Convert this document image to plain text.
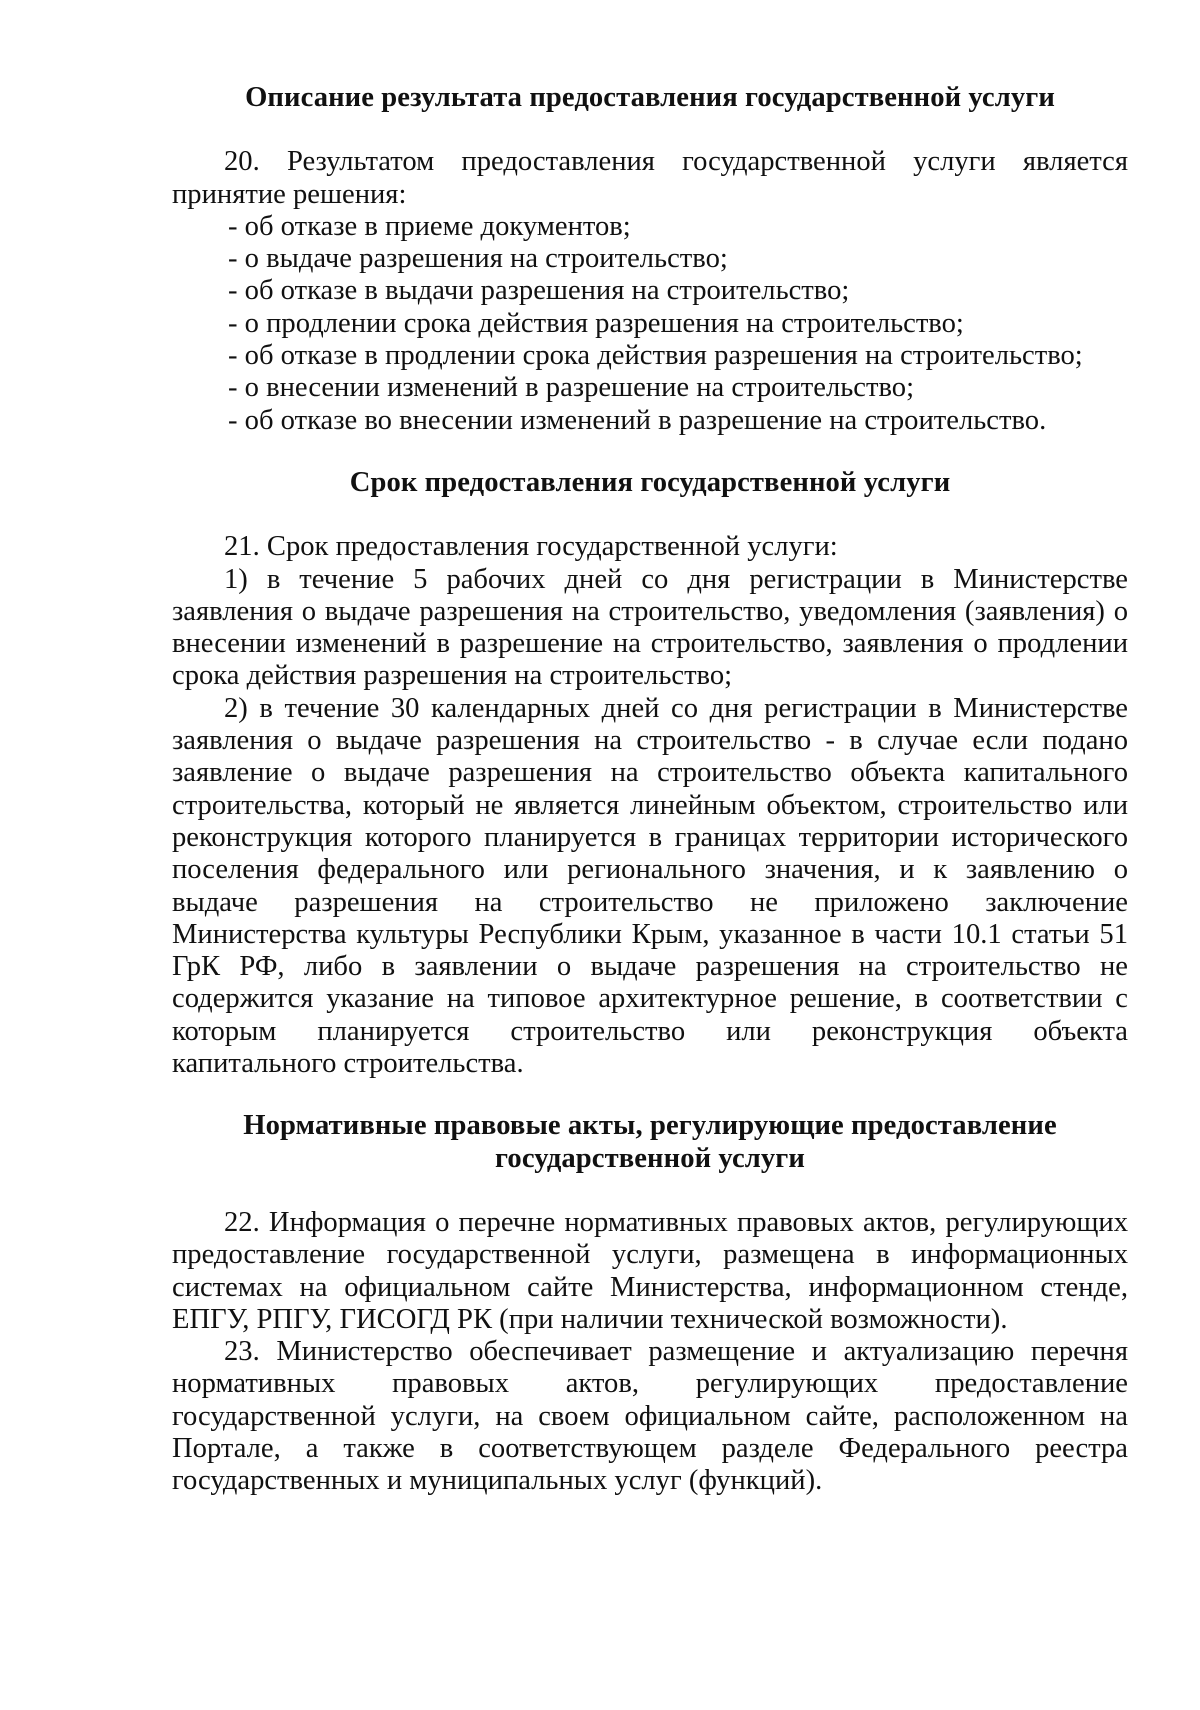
Описание результата предоставления государственной услуги

20. Результатом предоставления государственной услуги является принятие решения:

- об отказе в приеме документов;

- о выдаче разрешения на строительство;

- об отказе в выдачи разрешения на строительство;

- о продлении срока действия разрешения на строительство;

- об отказе в продлении срока действия разрешения на строительство;

- о внесении изменений в разрешение на строительство;

- об отказе во внесении изменений в разрешение на строительство.

Срок предоставления государственной услуги

21. Срок предоставления государственной услуги:

1) в течение 5 рабочих дней со дня регистрации в Министерстве заявления о выдаче разрешения на строительство, уведомления (заявления) о внесении изменений в разрешение на строительство, заявления о продлении срока действия разрешения на строительство;

2) в течение 30 календарных дней со дня регистрации в Министерстве заявления о выдаче разрешения на строительство - в случае если подано заявление о выдаче разрешения на строительство объекта капитального строительства, который не является линейным объектом, строительство или реконструкция которого планируется в границах территории исторического поселения федерального или регионального значения, и к заявлению о выдаче разрешения на строительство не приложено заключение Министерства культуры Республики Крым, указанное в части 10.1 статьи 51 ГрК РФ, либо в заявлении о выдаче разрешения на строительство не содержится указание на типовое архитектурное решение, в соответствии с которым планируется строительство или реконструкция объекта капитального строительства.

Нормативные правовые акты, регулирующие предоставление

государственной услуги

22. Информация о перечне нормативных правовых актов, регулирующих предоставление государственной услуги, размещена в информационных системах на официальном сайте Министерства, информационном стенде, ЕПГУ, РПГУ, ГИСОГД РК (при наличии технической возможности).

23. Министерство обеспечивает размещение и актуализацию перечня нормативных правовых актов, регулирующих предоставление государственной услуги, на своем официальном сайте, расположенном на Портале, а также в соответствующем разделе Федерального реестра государственных и муниципальных услуг (функций).
